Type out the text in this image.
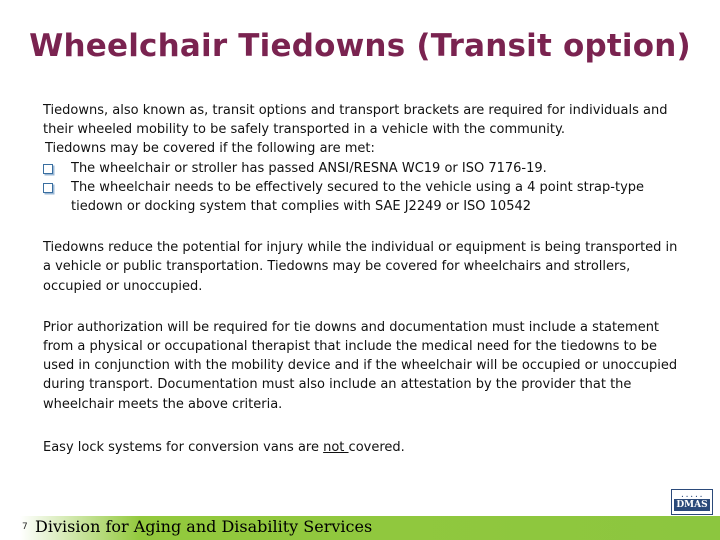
Wheelchair Tiedowns (Transit option)

Tiedowns, also known as, transit options and transport brackets are required for individuals and their wheeled mobility to be safely transported in a vehicle with the community.

Tiedowns may be covered if the following are met:

The wheelchair or stroller has passed ANSI/RESNA WC19 or ISO 7176-19.
The wheelchair needs to be effectively secured to the vehicle using a 4 point strap-type tiedown or docking system that complies with SAE J2249 or ISO 10542

Tiedowns reduce the potential for injury while the individual or equipment is being transported in a vehicle or public transportation. Tiedowns may be covered for wheelchairs and strollers, occupied or unoccupied.

Prior authorization will be required for tie downs and documentation must include a statement from a physical or occupational therapist that include the medical need for the tiedowns to be used in conjunction with the mobility device and if the wheelchair will be occupied or unoccupied during transport. Documentation must also include an attestation by the provider that the wheelchair meets the above criteria.

Easy lock systems for conversion vans are not covered.

• • • • •
DMAS
7 Division for Aging and Disability Services
